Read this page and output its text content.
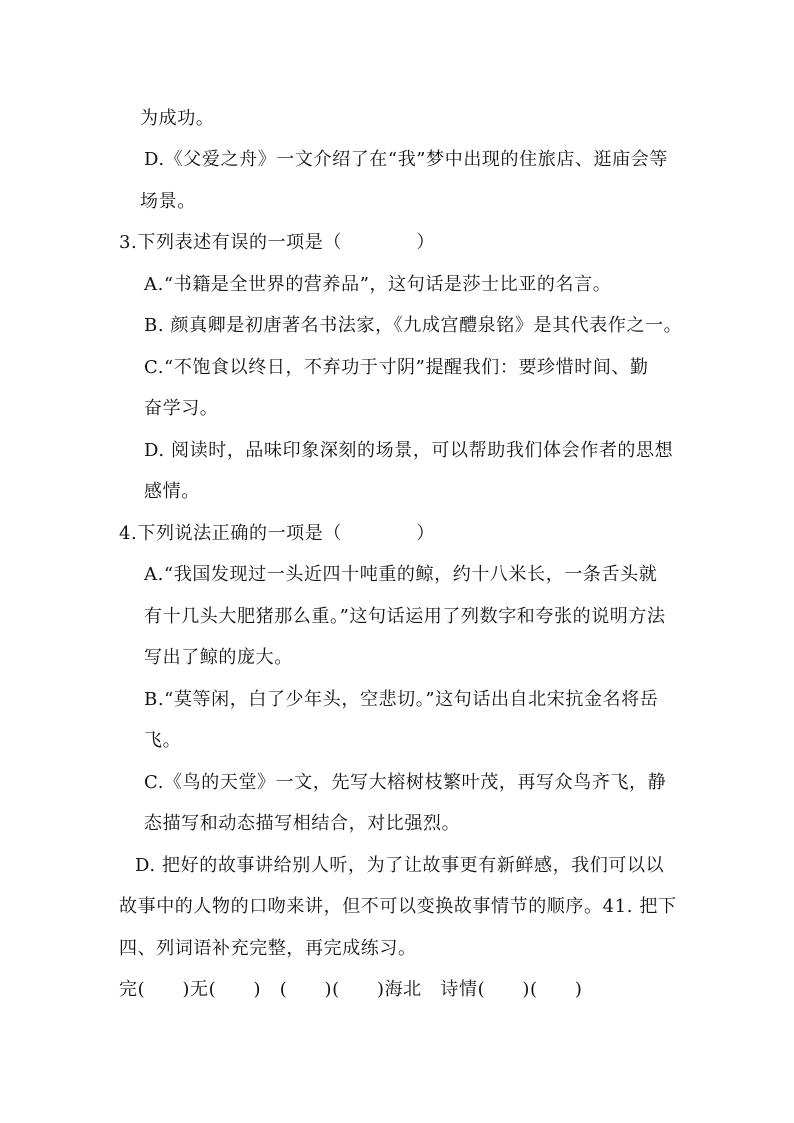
为成功。
D.《父爱之舟》一文介绍了在“我”梦中出现的住旅店、逛庙会等
场景。
3.下列表述有误的一项是（　　　　）
A.“书籍是全世界的营养品”，这句话是莎士比亚的名言。
B. 颜真卿是初唐著名书法家，《九成宫醴泉铭》是其代表作之一。
C.“不饱食以终日，不弃功于寸阴”提醒我们：要珍惜时间、勤
奋学习。
D. 阅读时，品味印象深刻的场景，可以帮助我们体会作者的思想
感情。
4.下列说法正确的一项是（　　　　）
A.“我国发现过一头近四十吨重的鲸，约十八米长，一条舌头就
有十几头大肥猪那么重。”这句话运用了列数字和夸张的说明方法
写出了鲸的庞大。
B.“莫等闲，白了少年头，空悲切。”这句话出自北宋抗金名将岳
飞。
C.《鸟的天堂》一文，先写大榕树枝繁叶茂，再写众鸟齐飞，静
态描写和动态描写相结合，对比强烈。
D. 把好的故事讲给别人听，为了让故事更有新鲜感，我们可以以
故事中的人物的口吻来讲，但不可以变换故事情节的顺序。41. 把下
四、列词语补充完整，再完成练习。
完(　　)无(　　)　(　　)(　　)海北　诗情(　　)(　　)
